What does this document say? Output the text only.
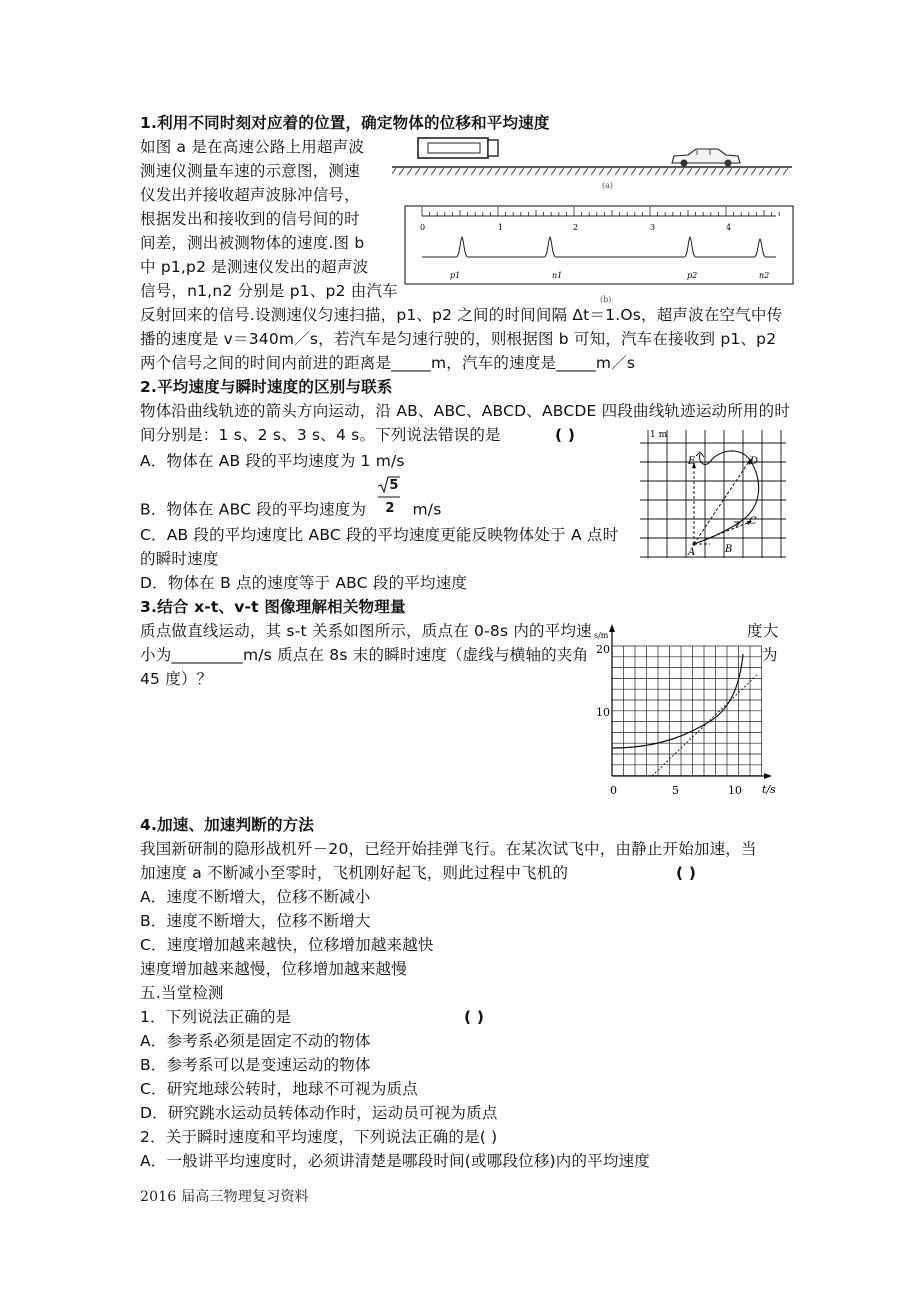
1.利用不同时刻对应着的位置，确定物体的位移和平均速度
如图 a 是在高速公路上用超声波
测速仪测量车速的示意图，测速
仪发出并接收超声波脉冲信号，
根据发出和接收到的信号间的时
间差，测出被测物体的速度.图 b
中 p1,p2 是测速仪发出的超声波
信号，n1,n2 分别是 p1、p2 由汽车
反射回来的信号.设测速仪匀速扫描，p1、p2 之间的时间间隔 Δt＝1.Os，超声波在空气中传
播的速度是 v＝340m／s，若汽车是匀速行驶的，则根据图 b 可知，汽车在接收到 p1、p2
两个信号之间的时间内前进的距离是_____m，汽车的速度是_____m／s
(a)
0	1	2	3	4
p1	n1	p2	n2
(b)
2.平均速度与瞬时速度的区别与联系
物体沿曲线轨迹的箭头方向运动，沿 AB、ABC、ABCD、ABCDE 四段曲线轨迹运动所用的时
间分别是：1 s、2 s、3 s、4 s。下列说法错误的是	( )
A．物体在 AB 段的平均速度为 1 m/s
B．物体在 ABC 段的平均速度为
5
2 m/s
C．AB 段的平均速度比 ABC 段的平均速度更能反映物体处于 A 点时
的瞬时速度
D．物体在 B 点的速度等于 ABC 段的平均速度
1 m
A	B
C
D
E
3.结合 x-t、v-t 图像理解相关物理量
质点做直线运动，其 s-t 关系如图所示，质点在 0-8s 内的平均速	度大
小为_________m/s 质点在 8s 末的瞬时速度（虚线与横轴的夹角	为
45 度）？
s/m
20
10
0	5	10 t/s
4.加速、加速判断的方法
我国新研制的隐形战机歼－20，已经开始挂弹飞行。在某次试飞中，由静止开始加速，当
加速度 a 不断减小至零时，飞机刚好起飞，则此过程中飞机的	( )
A．速度不断增大，位移不断减小
B．速度不断增大，位移不断增大
C．速度增加越来越快，位移增加越来越快
速度增加越来越慢，位移增加越来越慢
五.当堂检测
1．下列说法正确的是	( )
A．参考系必须是固定不动的物体
B．参考系可以是变速运动的物体
C．研究地球公转时，地球不可视为质点
D．研究跳水运动员转体动作时，运动员可视为质点
2．关于瞬时速度和平均速度，下列说法正确的是( )
A．一般讲平均速度时，必须讲清楚是哪段时间(或哪段位移)内的平均速度
2016 届高三物理复习资料
